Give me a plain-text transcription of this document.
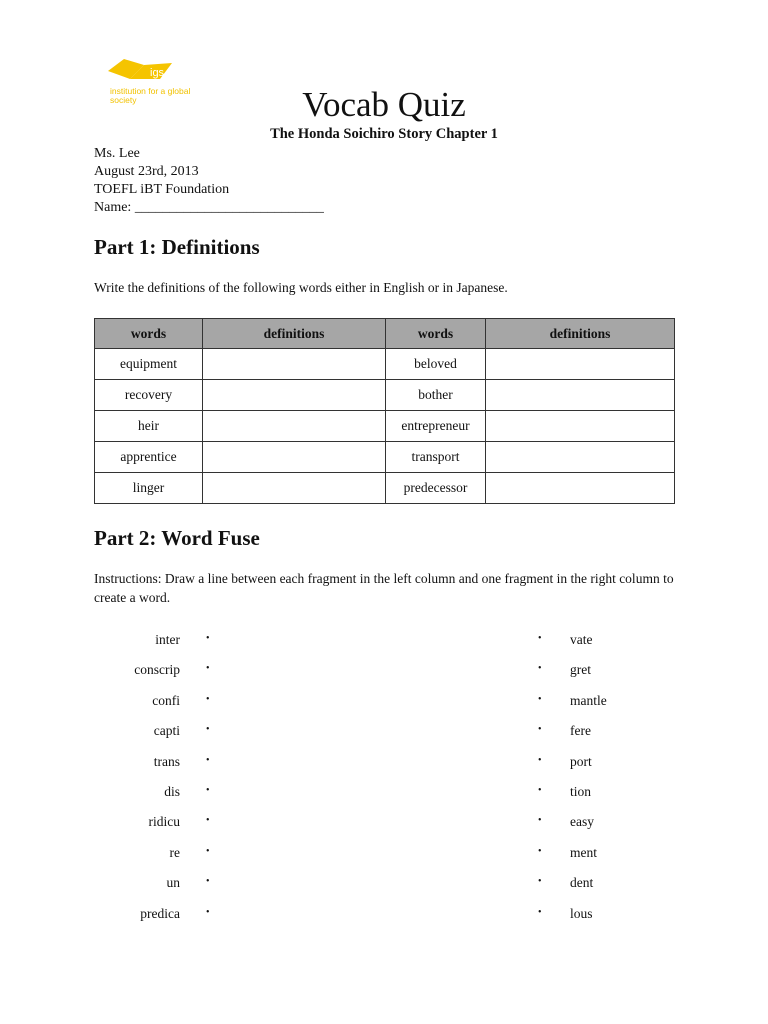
igs
institution for a global society	Vocab Quiz
The Honda Soichiro Story Chapter 1
Ms. Lee
August 23rd, 2013
TOEFL iBT Foundation
Name: ___________________________
Part 1: Definitions
Write the definitions of the following words either in English or in Japanese.
words	definitions	words	definitions
equipment		beloved	
recovery		bother	
heir		entrepreneur	
apprentice		transport	
linger		predecessor	
Part 2: Word Fuse
Instructions: Draw a line between each fragment in the left column and one fragment in the right column to create a word.
inter	•	• vate
conscrip	•	• gret
confi	•	• mantle
capti	•	• fere
trans	•	• port
dis	•	• tion
ridicu	•	• easy
re	•	• ment
un	•	• dent
predica	•	• lous
